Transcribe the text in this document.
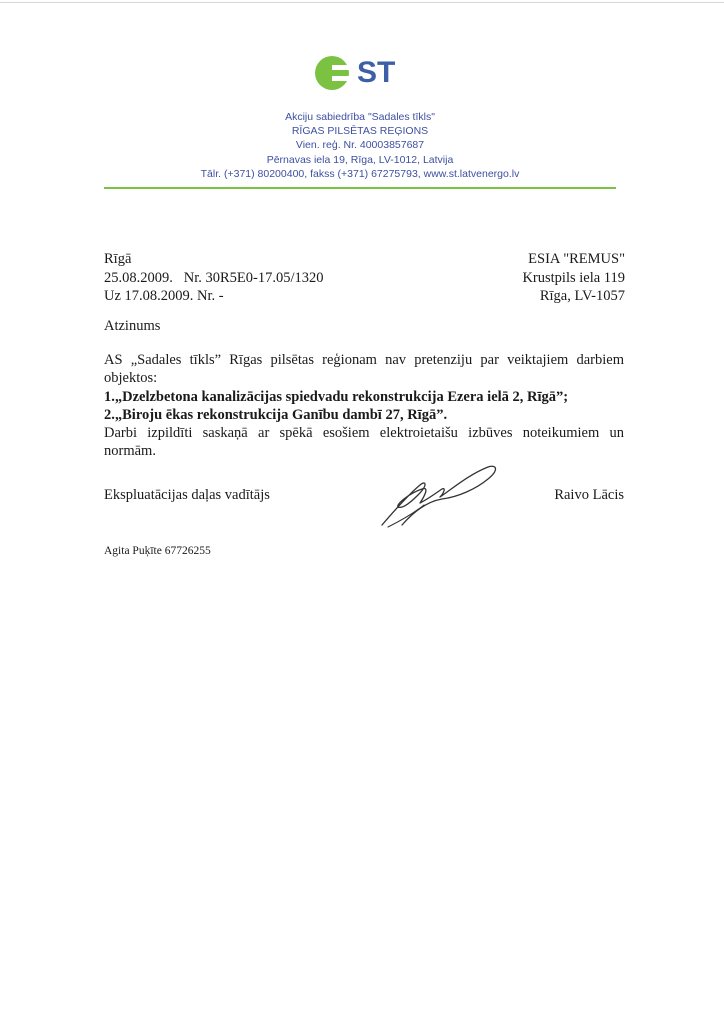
ST
Akciju sabiedrība "Sadales tīkls"
RĪGAS PILSĒTAS REĢIONS
Vien. reģ. Nr. 40003857687
Pērnavas iela 19, Rīga, LV-1012, Latvija
Tālr. (+371) 80200400, fakss (+371) 67275793, www.st.latvenergo.lv
Rīgā
25.08.2009.   Nr. 30R5E0-17.05/1320
Uz 17.08.2009. Nr. -
ESIA "REMUS"
Krustpils iela 119
Rīga, LV-1057
Atzinums
AS „Sadales tīkls” Rīgas pilsētas reģionam nav pretenziju par veiktajiem darbiem
objektos:
1.„Dzelzbetona kanalizācijas spiedvadu rekonstrukcija Ezera ielā 2, Rīgā”;
2.„Biroju ēkas rekonstrukcija Ganību dambī 27, Rīgā”.
Darbi izpildīti saskaņā ar spēkā esošiem elektroietaišu izbūves noteikumiem un
normām.
Ekspluatācijas daļas vadītājs	Raivo Lācis
Agita Puķīte 67726255
